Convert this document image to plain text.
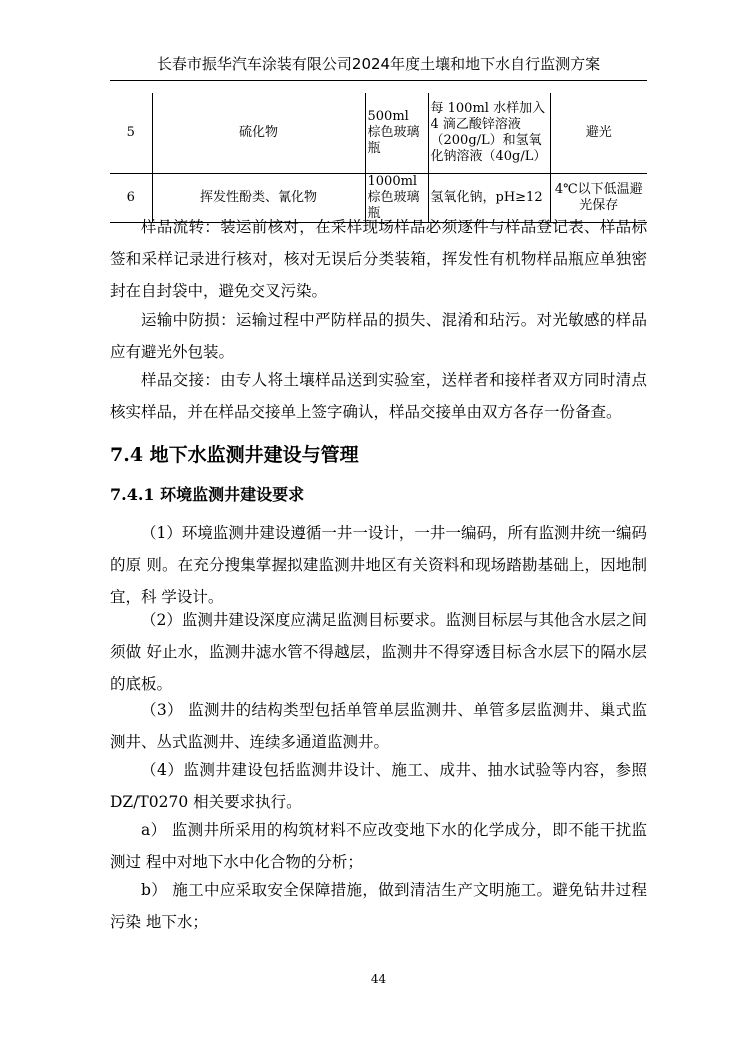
长春市振华汽车涂装有限公司2024年度土壤和地下水自行监测方案
5	硫化物	500ml 棕色玻璃瓶	每 100ml 水样加入 4 滴乙酸锌溶液 （200g/L）和氢氧化钠溶液（40g/L）	避光
6	挥发性酚类、氰化物	1000ml 棕色玻璃瓶	氢氧化钠，pH≥12	4℃以下低温避光保存

样品流转：装运前核对，在采样现场样品必须逐件与样品登记表、样品标签和采样记录进行核对，核对无误后分类装箱，挥发性有机物样品瓶应单独密封在自封袋中，避免交叉污染。

运输中防损：运输过程中严防样品的损失、混淆和玷污。对光敏感的样品应有避光外包装。

样品交接：由专人将土壤样品送到实验室，送样者和接样者双方同时清点核实样品，并在样品交接单上签字确认，样品交接单由双方各存一份备查。

7.4 地下水监测井建设与管理
7.4.1 环境监测井建设要求

（1）环境监测井建设遵循一井一设计，一井一编码，所有监测井统一编码的原 则。在充分搜集掌握拟建监测井地区有关资料和现场踏勘基础上，因地制宜，科 学设计。

（2）监测井建设深度应满足监测目标要求。监测目标层与其他含水层之间须做 好止水，监测井滤水管不得越层，监测井不得穿透目标含水层下的隔水层的底板。

（3） 监测井的结构类型包括单管单层监测井、单管多层监测井、巢式监测井、丛式监测井、连续多通道监测井。

（4）监测井建设包括监测井设计、施工、成井、抽水试验等内容，参照 DZ/T0270 相关要求执行。

a） 监测井所采用的构筑材料不应改变地下水的化学成分，即不能干扰监测过 程中对地下水中化合物的分析；

b） 施工中应采取安全保障措施，做到清洁生产文明施工。避免钻井过程污染 地下水；

44
